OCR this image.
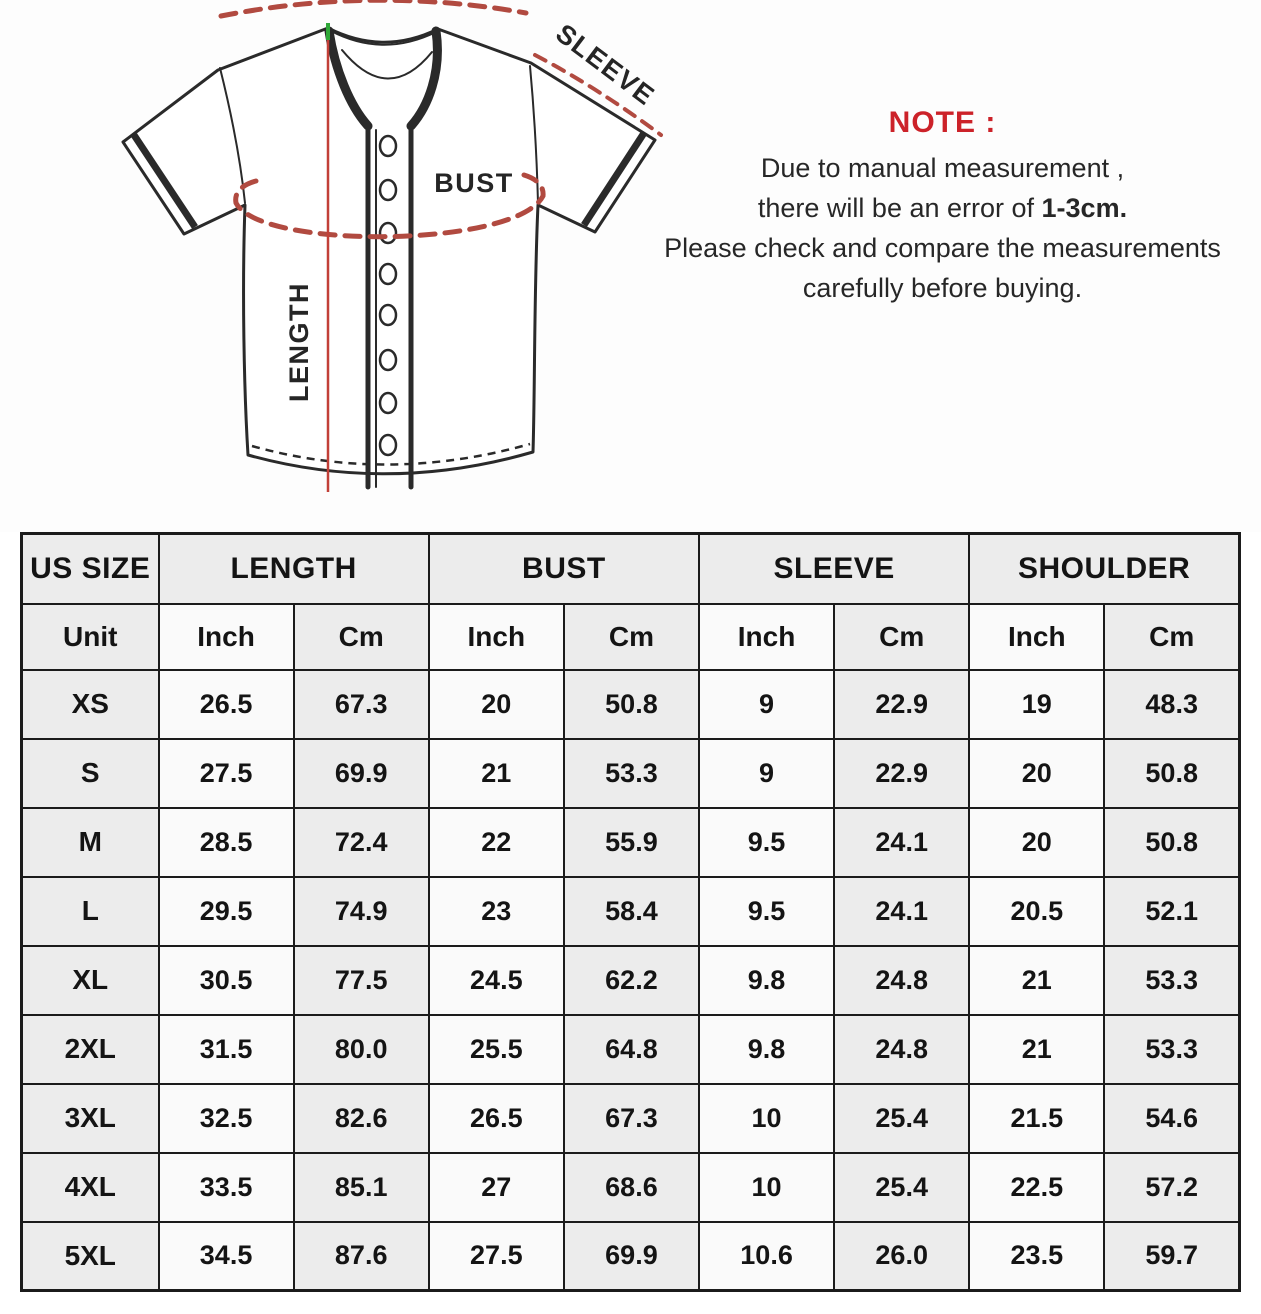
SLEEVE
BUST
LENGTH
NOTE :
Due to manual measurement ,
there will be an error of 1-3cm.
Please check and compare the measurements
carefully before buying.
US SIZE	LENGTH		BUST		SLEEVE		SHOULDER	
Unit	Inch	Cm	Inch	Cm	Inch	Cm	Inch	Cm
XS	26.5	67.3	20	50.8	9	22.9	19	48.3
S	27.5	69.9	21	53.3	9	22.9	20	50.8
M	28.5	72.4	22	55.9	9.5	24.1	20	50.8
L	29.5	74.9	23	58.4	9.5	24.1	20.5	52.1
XL	30.5	77.5	24.5	62.2	9.8	24.8	21	53.3
2XL	31.5	80.0	25.5	64.8	9.8	24.8	21	53.3
3XL	32.5	82.6	26.5	67.3	10	25.4	21.5	54.6
4XL	33.5	85.1	27	68.6	10	25.4	22.5	57.2
5XL	34.5	87.6	27.5	69.9	10.6	26.0	23.5	59.7
